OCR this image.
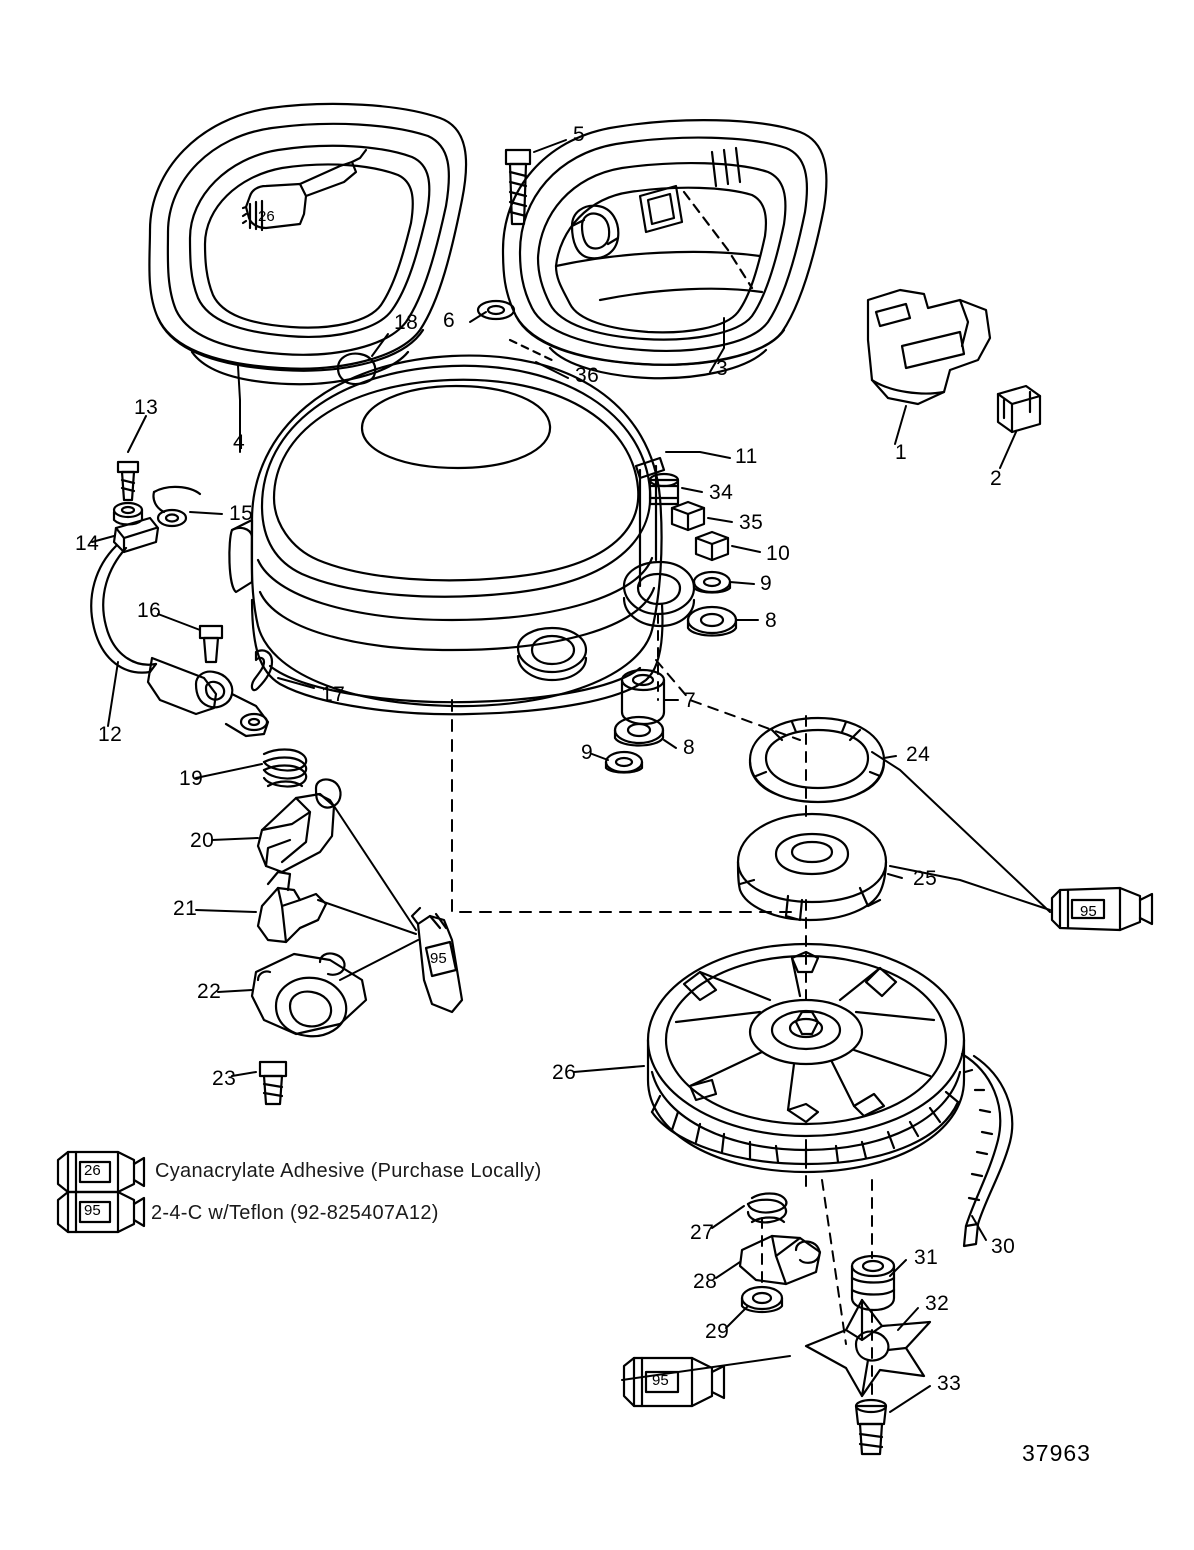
1
2
3
4
5
6
7
8
8
9
9
10
11
12
13
14
15
16
17
18
19
20
21
22
23
24
25
26
27
28
29
30
31
32
33
34
35
36
26
95
95
95
26
95
Cyanacrylate Adhesive (Purchase Locally)
2-4-C w/Teflon (92-825407A12)
37963
